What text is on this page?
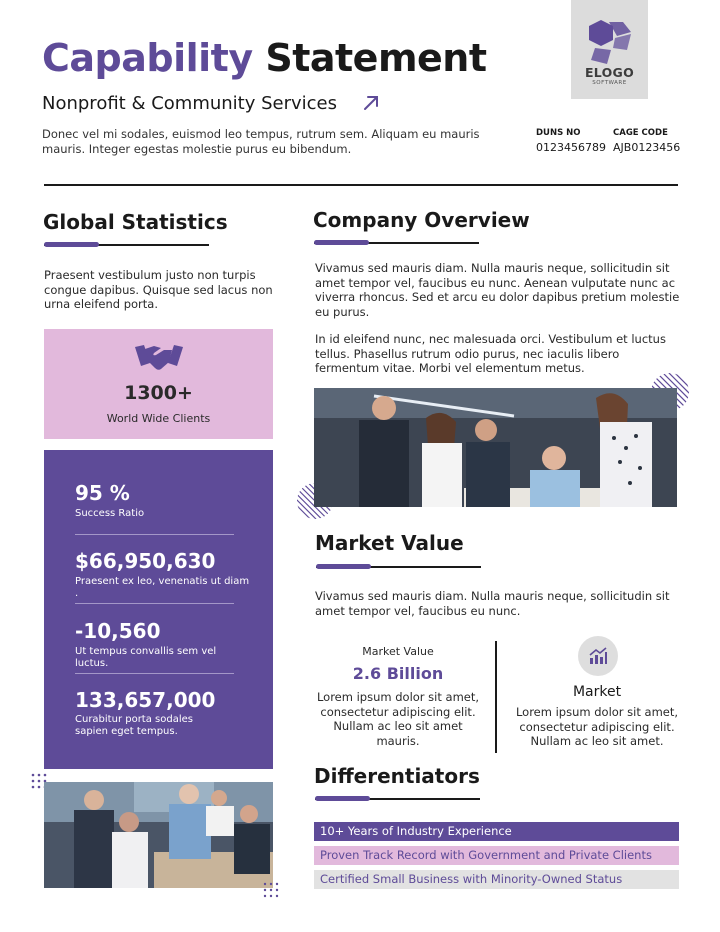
Capability Statement
Nonprofit & Community Services
Donec vel mi sodales, euismod leo tempus, rutrum sem. Aliquam eu mauris mauris. Integer egestas molestie purus eu bibendum.
ELOGO
SOFTWARE
DUNS NO
0123456789
CAGE CODE
AJB0123456
Global Statistics
Praesent vestibulum justo non turpis congue dapibus. Quisque sed lacus non urna eleifend porta.
1300+
World Wide Clients
95 %
Success Ratio
$66,950,630
Praesent ex leo, venenatis ut diam .
-10,560
Ut tempus convallis sem vel luctus.
133,657,000
Curabitur porta sodales sapien eget tempus.
Company Overview
Vivamus sed mauris diam. Nulla mauris neque, sollicitudin sit amet tempor vel, faucibus eu nunc. Aenean vulputate nunc ac viverra rhoncus. Sed et arcu eu dolor dapibus pretium molestie eu purus.
In id eleifend nunc, nec malesuada orci. Vestibulum et luctus tellus. Phasellus rutrum odio purus, nec iaculis libero fermentum vitae. Morbi vel elementum metus.
Market Value
Vivamus sed mauris diam. Nulla mauris neque, sollicitudin sit amet tempor vel, faucibus eu nunc.
Market Value
2.6 Billion
Lorem ipsum dolor sit amet, consectetur adipiscing elit. Nullam ac leo sit amet mauris.
Market
Lorem ipsum dolor sit amet, consectetur adipiscing elit. Nullam ac leo sit amet.
Differentiators
10+ Years of Industry Experience
Proven Track Record with Government and Private Clients
Certified Small Business with Minority-Owned Status
